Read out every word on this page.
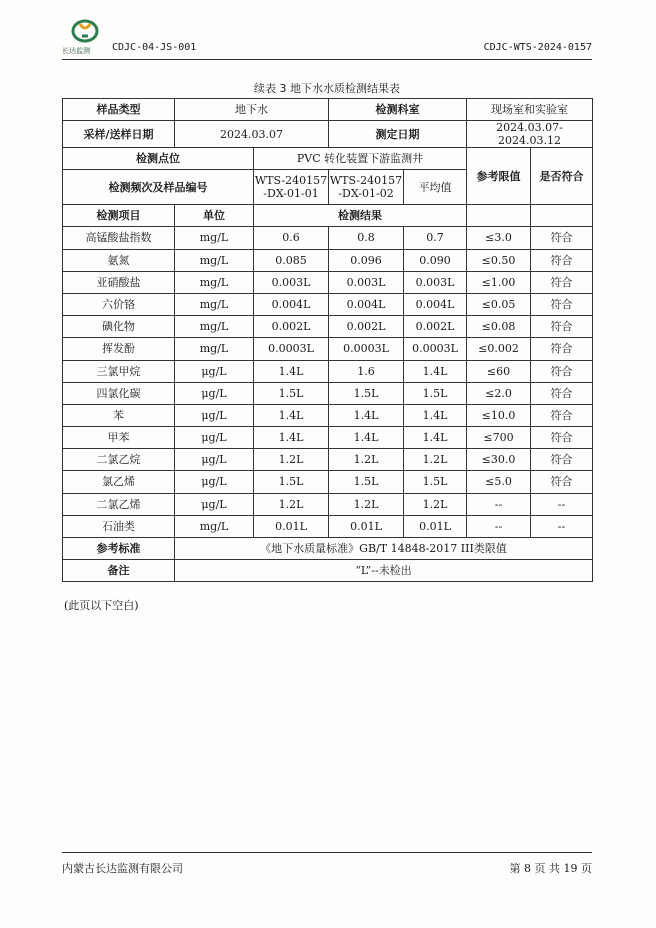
长达监测 CDJC-04-JS-001	CDJC-WTS-2024-0157
续表 3 地下水水质检测结果表
样品类型	地下水		检测科室		现场室和实验室	
采样/送样日期	2024.03.07		测定日期		2024.03.07-2024.03.12	
检测点位		PVC 转化装置下游监测井			参考限值	是否符合
检测频次及样品编号		WTS-240157 -DX-01-01	WTS-240157 -DX-01-02	平均值		
检测项目	单位	检测结果				
高锰酸盐指数	mg/L	0.6	0.8	0.7	≤3.0	符合
氨氮	mg/L	0.085	0.096	0.090	≤0.50	符合
亚硝酸盐	mg/L	0.003L	0.003L	0.003L	≤1.00	符合
六价铬	mg/L	0.004L	0.004L	0.004L	≤0.05	符合
碘化物	mg/L	0.002L	0.002L	0.002L	≤0.08	符合
挥发酚	mg/L	0.0003L	0.0003L	0.0003L	≤0.002	符合
三氯甲烷	μg/L	1.4L	1.6	1.4L	≤60	符合
四氯化碳	μg/L	1.5L	1.5L	1.5L	≤2.0	符合
苯	μg/L	1.4L	1.4L	1.4L	≤10.0	符合
甲苯	μg/L	1.4L	1.4L	1.4L	≤700	符合
二氯乙烷	μg/L	1.2L	1.2L	1.2L	≤30.0	符合
氯乙烯	μg/L	1.5L	1.5L	1.5L	≤5.0	符合
二氯乙烯	μg/L	1.2L	1.2L	1.2L	--	--
石油类	mg/L	0.01L	0.01L	0.01L	--	--
参考标准	《地下水质量标准》GB/T 14848-2017 III类限值					
备注	“L”--未检出					
(此页以下空白)
内蒙古长达监测有限公司	第 8 页 共 19 页
